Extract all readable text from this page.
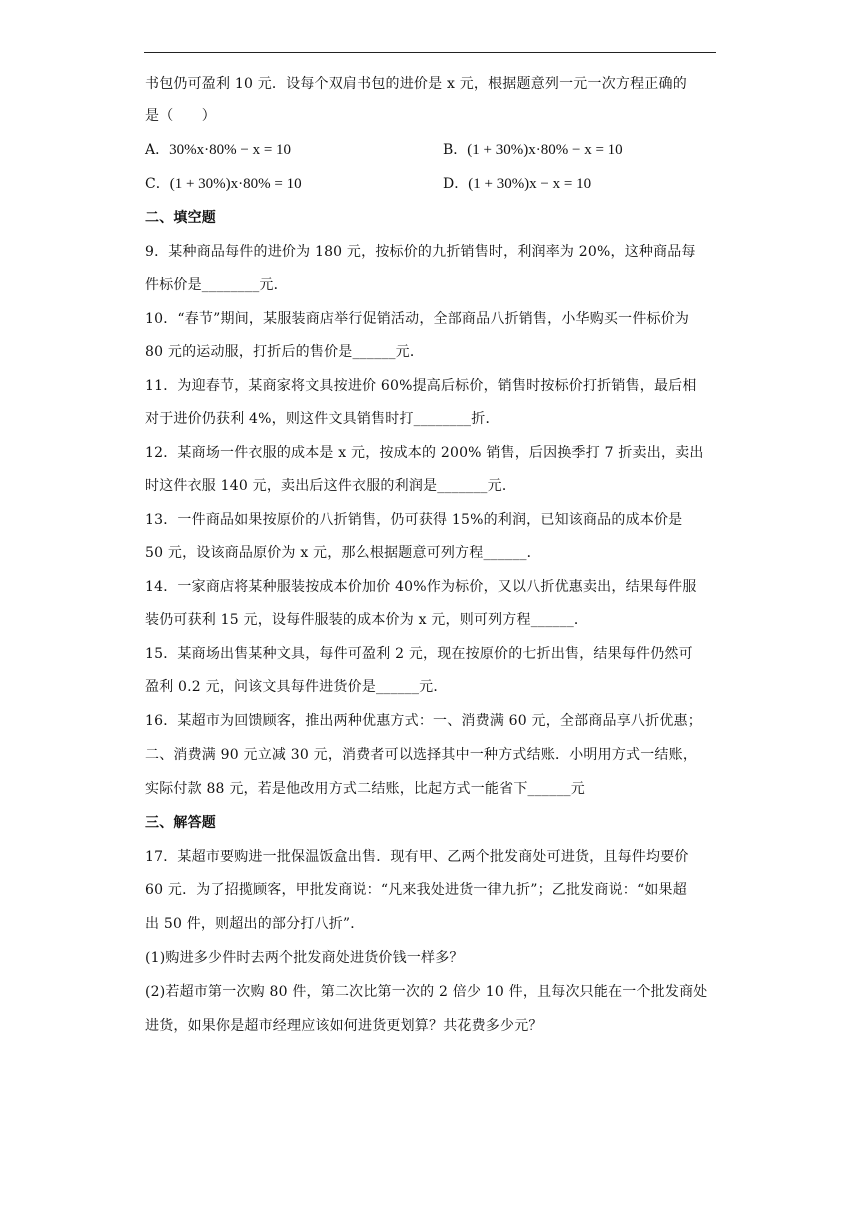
书包仍可盈利 10 元．设每个双肩书包的进价是 x 元，根据题意列一元一次方程正确的
是（　　）
A．30%x·80% − x = 10	B．(1 + 30%)x·80% − x = 10
C．(1 + 30%)x·80% = 10	D．(1 + 30%)x − x = 10
二、填空题
9．某种商品每件的进价为 180 元，按标价的九折销售时，利润率为 20%，这种商品每
件标价是________元．
10．“春节”期间，某服装商店举行促销活动，全部商品八折销售，小华购买一件标价为
80 元的运动服，打折后的售价是______元．
11．为迎春节，某商家将文具按进价 60%提高后标价，销售时按标价打折销售，最后相
对于进价仍获利 4%，则这件文具销售时打________折．
12．某商场一件衣服的成本是 x 元，按成本的 200% 销售，后因换季打 7 折卖出，卖出
时这件衣服 140 元，卖出后这件衣服的利润是_______元．
13．一件商品如果按原价的八折销售，仍可获得 15%的利润，已知该商品的成本价是
50 元，设该商品原价为 x 元，那么根据题意可列方程______．
14．一家商店将某种服装按成本价加价 40%作为标价，又以八折优惠卖出，结果每件服
装仍可获利 15 元，设每件服装的成本价为 x 元，则可列方程______．
15．某商场出售某种文具，每件可盈利 2 元，现在按原价的七折出售，结果每件仍然可
盈利 0.2 元，问该文具每件进货价是______元．
16．某超市为回馈顾客，推出两种优惠方式：一、消费满 60 元，全部商品享八折优惠；
二、消费满 90 元立减 30 元，消费者可以选择其中一种方式结账．小明用方式一结账，
实际付款 88 元，若是他改用方式二结账，比起方式一能省下______元
三、解答题
17．某超市要购进一批保温饭盒出售．现有甲、乙两个批发商处可进货，且每件均要价
60 元．为了招揽顾客，甲批发商说：“凡来我处进货一律九折”；乙批发商说：“如果超
出 50 件，则超出的部分打八折”．
(1)购进多少件时去两个批发商处进货价钱一样多？
(2)若超市第一次购 80 件，第二次比第一次的 2 倍少 10 件，且每次只能在一个批发商处
进货，如果你是超市经理应该如何进货更划算？共花费多少元？
